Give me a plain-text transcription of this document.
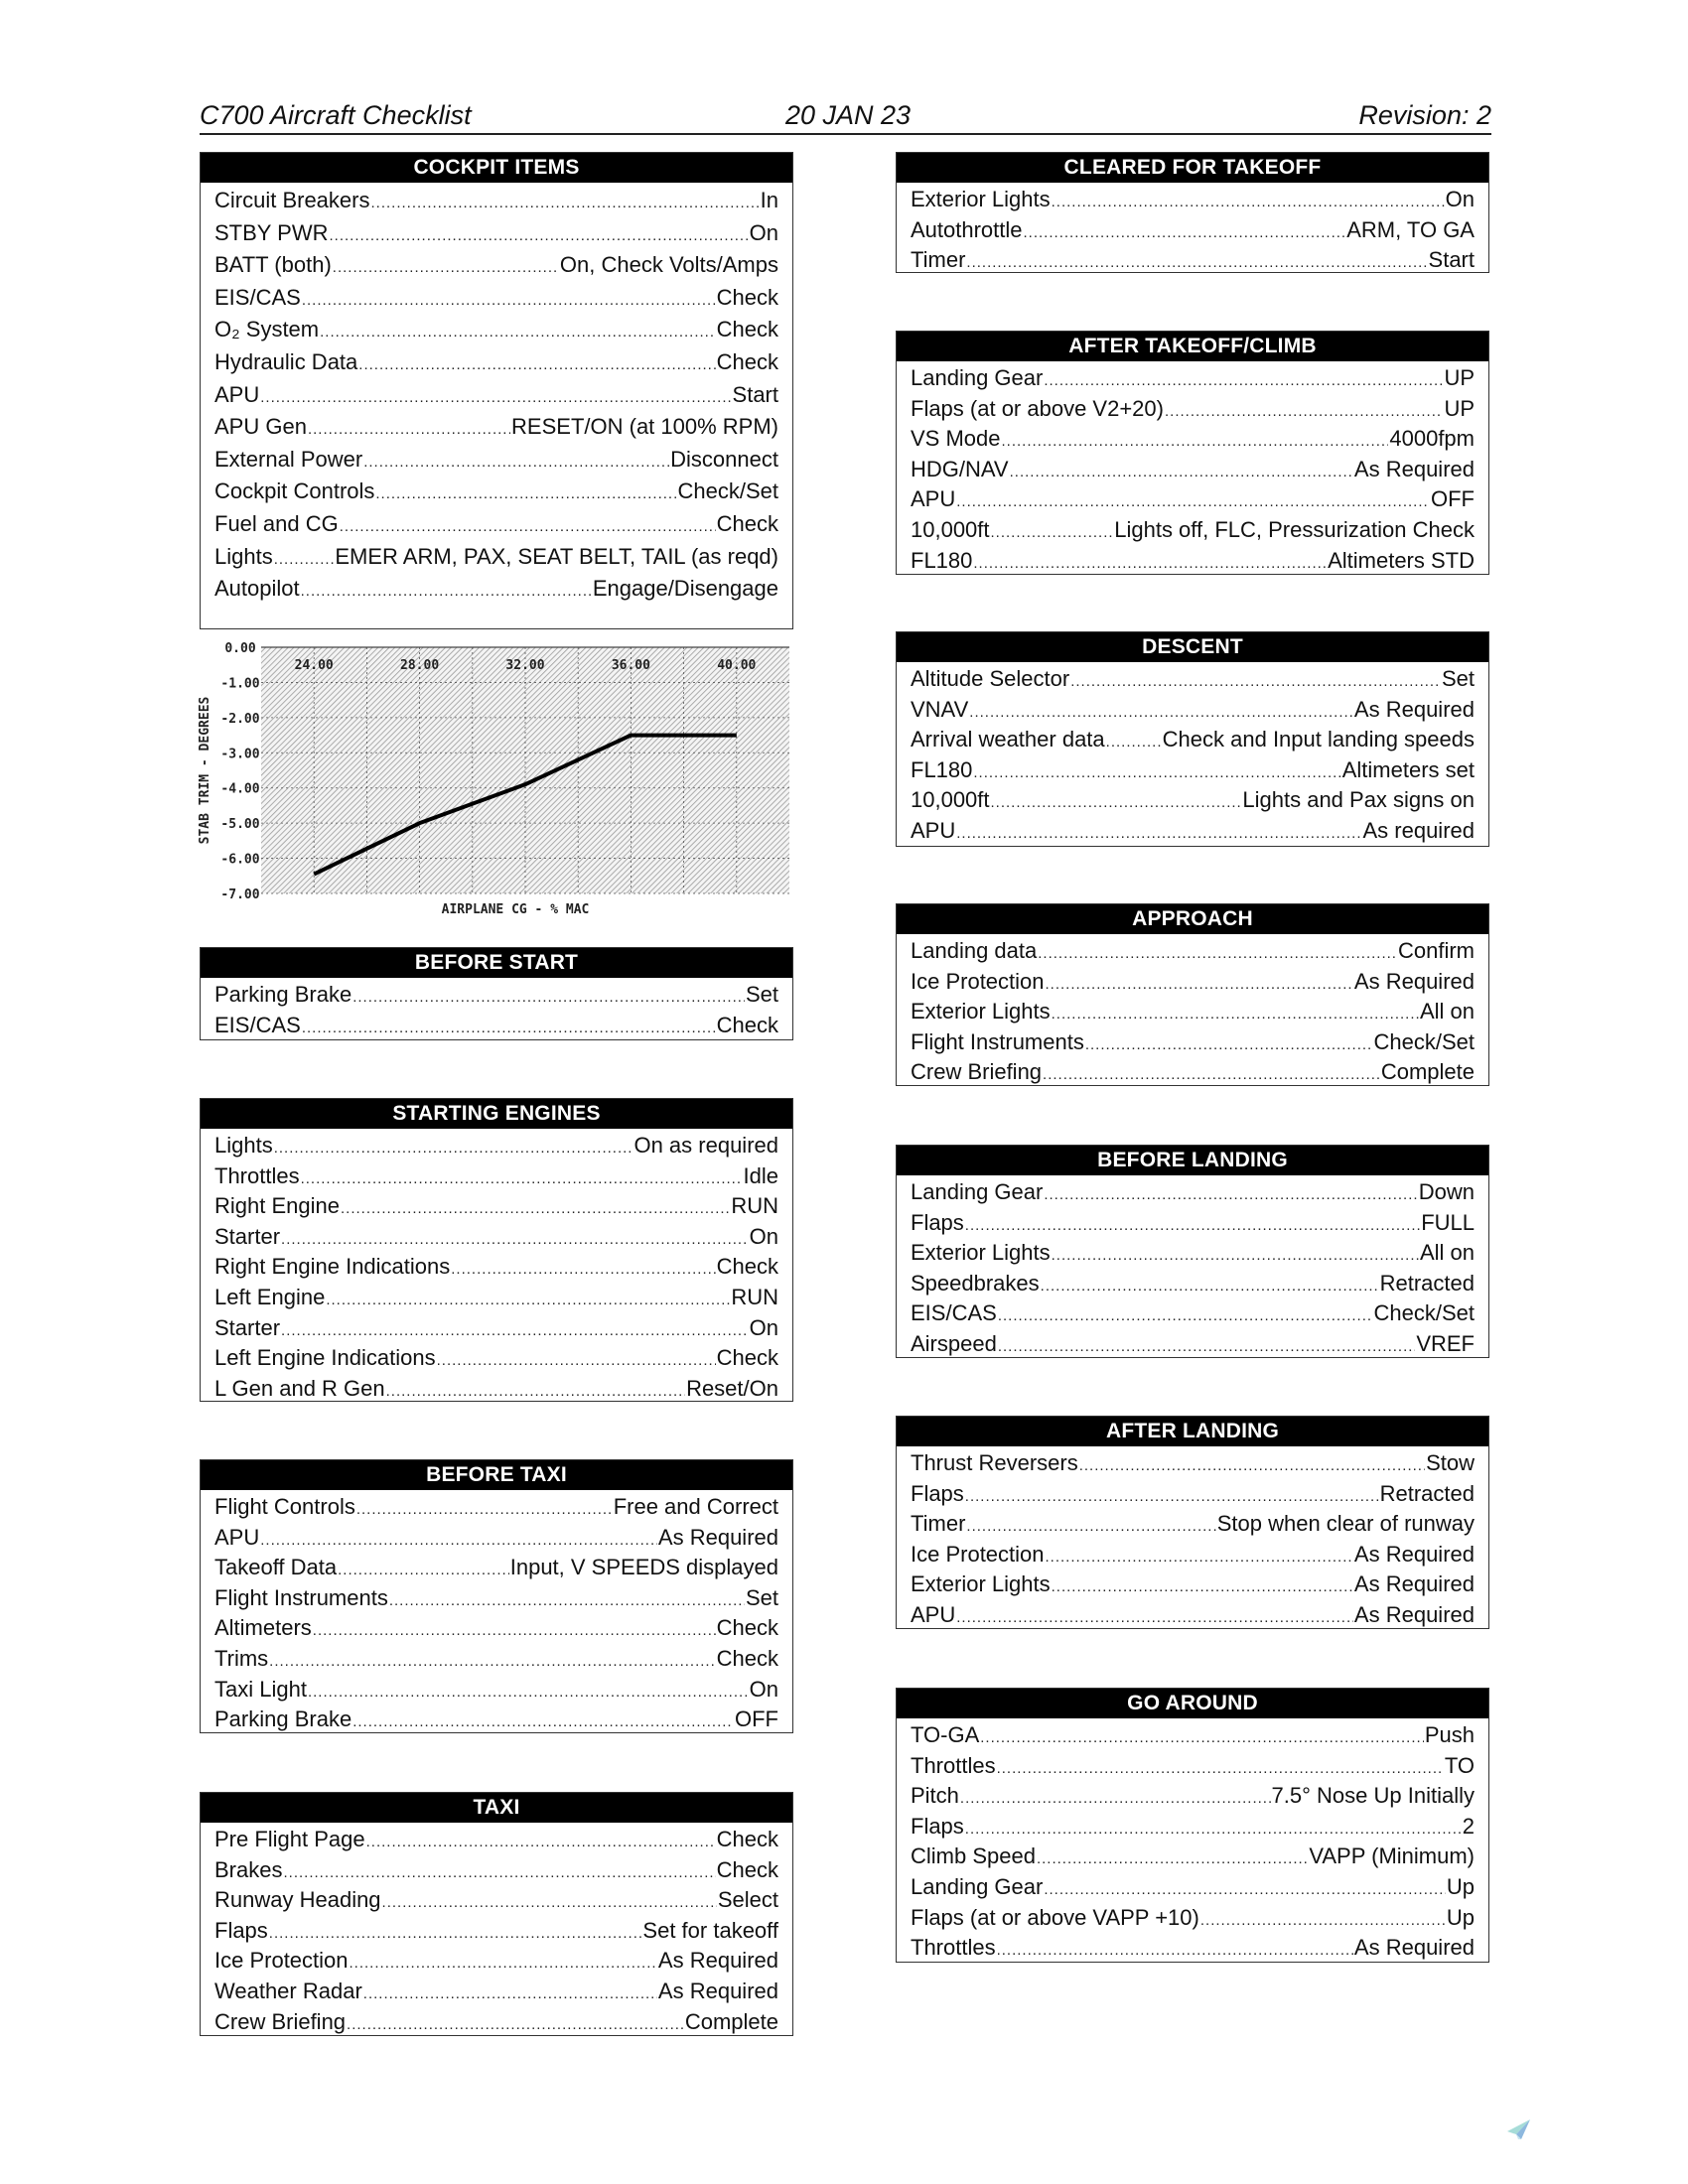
C700 Aircraft Checklist	20 JAN 23	Revision: 2
COCKPIT ITEMS
Circuit Breakers .....	In
STBY PWR .....	On
BATT (both) .....	On, Check Volts/Amps
EIS/CAS .....	Check
O₂ System .....	Check
Hydraulic Data .....	Check
APU .....	Start
APU Gen .....	RESET/ON (at 100% RPM)
External Power .....	Disconnect
Cockpit Controls .....	Check/Set
Fuel and CG .....	Check
Lights .....	EMER ARM, PAX, SEAT BELT, TAIL (as reqd)
Autopilot .....	Engage/Disengage
0.00
-1.00
-2.00
-3.00
-4.00
-5.00
-6.00
-7.00
24.00	28.00	32.00	36.00	40.00
AIRPLANE CG - % MAC
STAB TRIM - DEGREES
BEFORE START
Parking Brake .....	Set
EIS/CAS .....	Check
STARTING ENGINES
Lights .....	On as required
Throttles .....	Idle
Right Engine .....	RUN
Starter .....	On
Right Engine Indications .....	Check
Left Engine .....	RUN
Starter .....	On
Left Engine Indications .....	Check
L Gen and R Gen .....	Reset/On
BEFORE TAXI
Flight Controls .....	Free and Correct
APU .....	As Required
Takeoff Data .....	Input, V SPEEDS displayed
Flight Instruments .....	Set
Altimeters .....	Check
Trims .....	Check
Taxi Light .....	On
Parking Brake .....	OFF
TAXI
Pre Flight Page .....	Check
Brakes .....	Check
Runway Heading .....	Select
Flaps .....	Set for takeoff
Ice Protection .....	As Required
Weather Radar .....	As Required
Crew Briefing .....	Complete
CLEARED FOR TAKEOFF
Exterior Lights .....	On
Autothrottle .....	ARM, TO GA
Timer .....	Start
AFTER TAKEOFF/CLIMB
Landing Gear .....	UP
Flaps (at or above V2+20) .....	UP
VS Mode .....	4000fpm
HDG/NAV .....	As Required
APU .....	OFF
10,000ft .....	Lights off, FLC, Pressurization Check
FL180 .....	Altimeters STD
DESCENT
Altitude Selector .....	Set
VNAV .....	As Required
Arrival weather data .....	Check and Input landing speeds
FL180 .....	Altimeters set
10,000ft .....	Lights and Pax signs on
APU .....	As required
APPROACH
Landing data .....	Confirm
Ice Protection .....	As Required
Exterior Lights .....	All on
Flight Instruments .....	Check/Set
Crew Briefing .....	Complete
BEFORE LANDING
Landing Gear .....	Down
Flaps .....	FULL
Exterior Lights .....	All on
Speedbrakes .....	Retracted
EIS/CAS .....	Check/Set
Airspeed .....	VREF
AFTER LANDING
Thrust Reversers .....	Stow
Flaps .....	Retracted
Timer .....	Stop when clear of runway
Ice Protection .....	As Required
Exterior Lights .....	As Required
APU .....	As Required
GO AROUND
TO-GA .....	Push
Throttles .....	TO
Pitch .....	7.5° Nose Up Initially
Flaps .....	2
Climb Speed .....	VAPP (Minimum)
Landing Gear .....	Up
Flaps (at or above VAPP +10) .....	Up
Throttles .....	As Required
